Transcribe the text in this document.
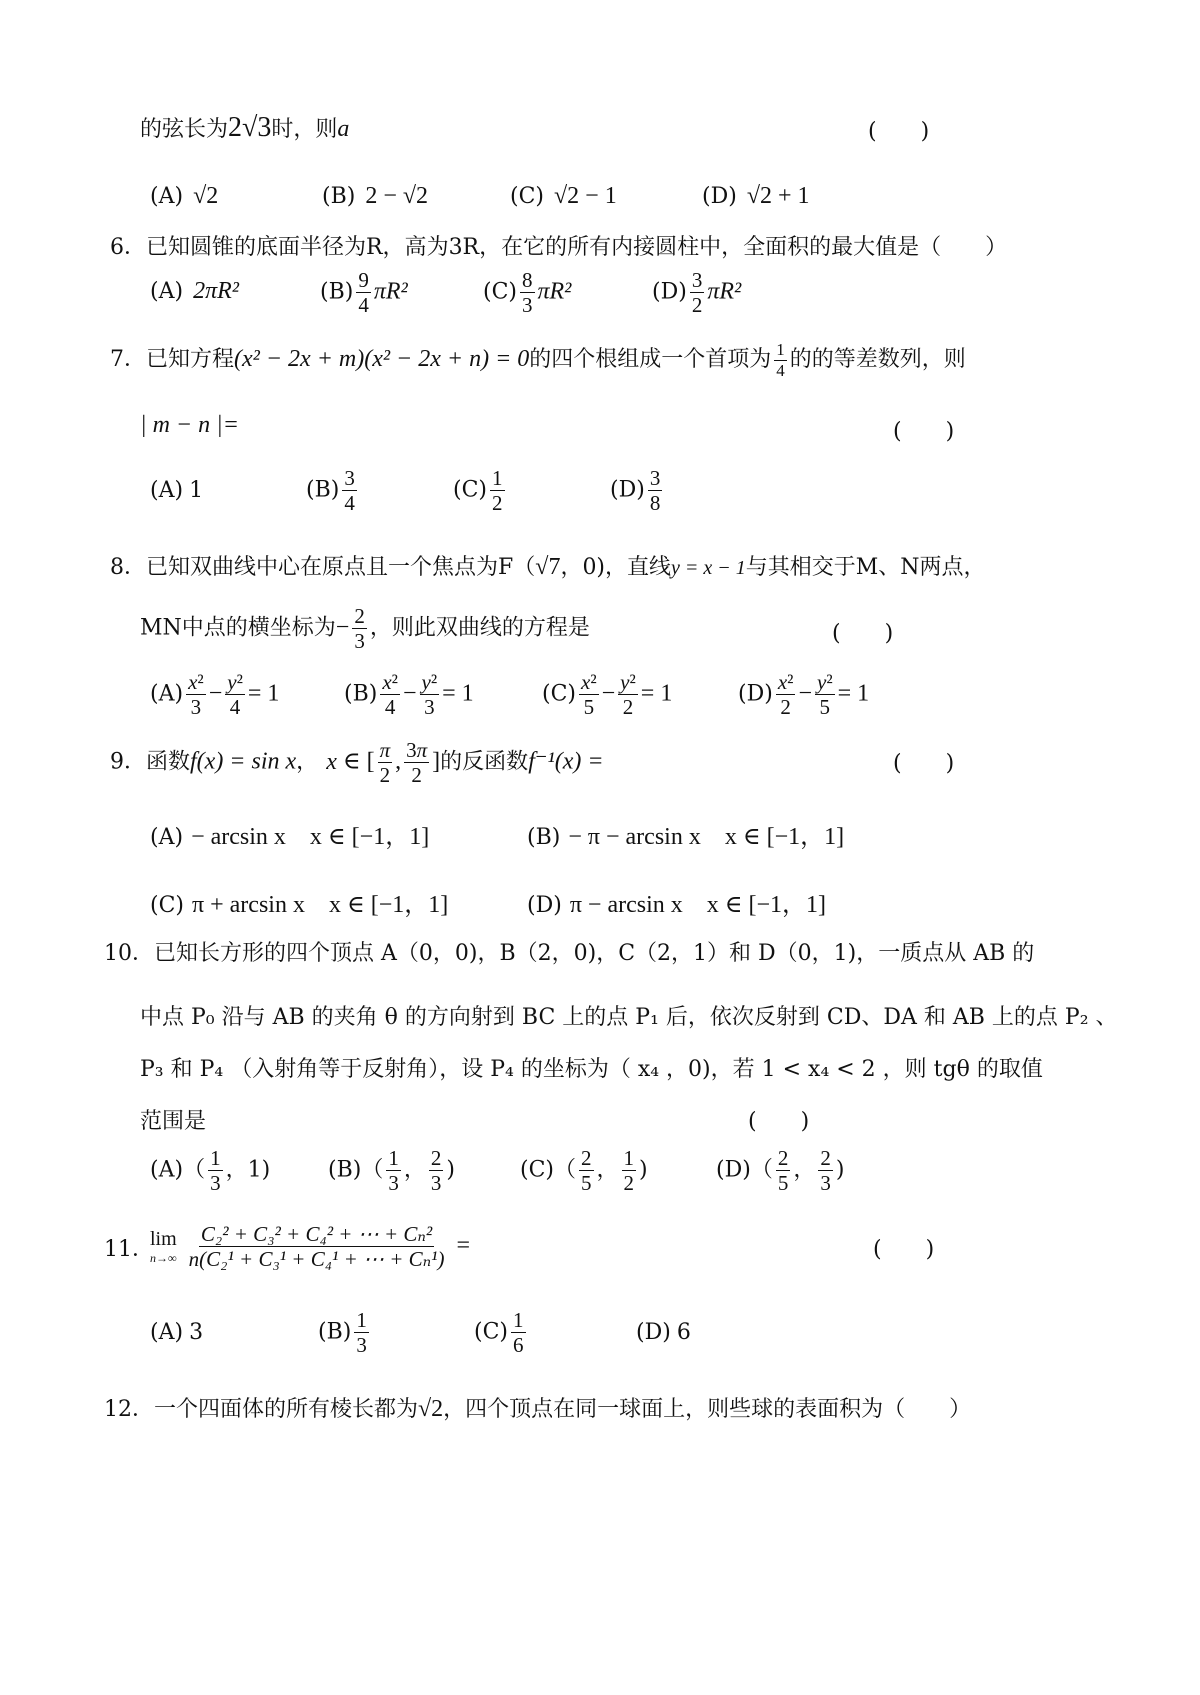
的弦长为2√3时，则a	(　　)
(A) √2	(B) 2 − √2	(C) √2 − 1	(D) √2 + 1
6．已知圆锥的底面半径为R，高为3R，在它的所有内接圆柱中，全面积的最大值是（　　）
(A) 2πR²	$(B) \frac{9}{4} \pi R^2$	$(C) \frac{8}{3} \pi R^2$	$(D) \frac{3}{2} \pi R^2$
7．已知方程(x² − 2x + m)(x² − 2x + n) = 0的四个根组成一个首项为 $\frac{1}{4}$ 的的等差数列，则
| m − n |=	(　　)
(A) 1	$(B) \frac{3}{4}$	$(C) \frac{1}{2}$	$(D) \frac{3}{8}$
8．已知双曲线中心在原点且一个焦点为F（√7，0)，直线y = x − 1与其相交于M、N两点，
MN中点的横坐标为− $\frac{2}{3}$ ，则此双曲线的方程是	(　　)
$(A) \frac{\text{x²}}{3} - \frac{\text{y²}}{4} = 1$	$(B) \frac{\text{x²}}{4} - \frac{\text{y²}}{3} = 1$	$(C) \frac{\text{x²}}{5} - \frac{\text{y²}}{2} = 1$	$(D) \frac{\text{x²}}{2} - \frac{\text{y²}}{5} = 1$
9．函数f(x) = sin x， x ∈ [ $\frac{\pi}{2}$ , $\frac{3\pi}{2}$ ]的反函数f⁻¹(x) =	(　　)
(A) − arcsin x　x ∈ [−1，1]	(B) − π − arcsin x　x ∈ [−1，1]
(C) π + arcsin x　x ∈ [−1，1]	(D) π − arcsin x　x ∈ [−1，1]
10．已知长方形的四个顶点 A（0，0)，B（2，0)，C（2，1）和 D（0，1)，一质点从 AB 的
中点 P₀ 沿与 AB 的夹角 θ 的方向射到 BC 上的点 P₁ 后，依次反射到 CD、DA 和 AB 上的点 P₂ 、
P₃ 和 P₄ （入射角等于反射角），设 P₄ 的坐标为（ x₄ ，0)，若 1 < x₄ < 2 ，则 tgθ 的取值
范围是	(　　)
$(A)( \frac{1}{3}$ ，1)	$(B)( \frac{1}{3}$ ， $\frac{2}{3}$ )	$(C)( \frac{2}{5}$ ， $\frac{1}{2}$ )	$(D)( \frac{2}{5}$ ， $\frac{2}{3}$ )
11．
lim
n→∞
$\frac{\text{C₂² + C₃² + C₄² + ⋯ + Cₙ²}}{\text{n(C₂¹ + C₃¹ + C₄¹ + ⋯ + Cₙ¹)}}$ =	(　　)
(A) 3	$(B) \frac{1}{3}$	$(C) \frac{1}{6}$	(D) 6
12．一个四面体的所有棱长都为√2，四个顶点在同一球面上，则些球的表面积为（　　）
